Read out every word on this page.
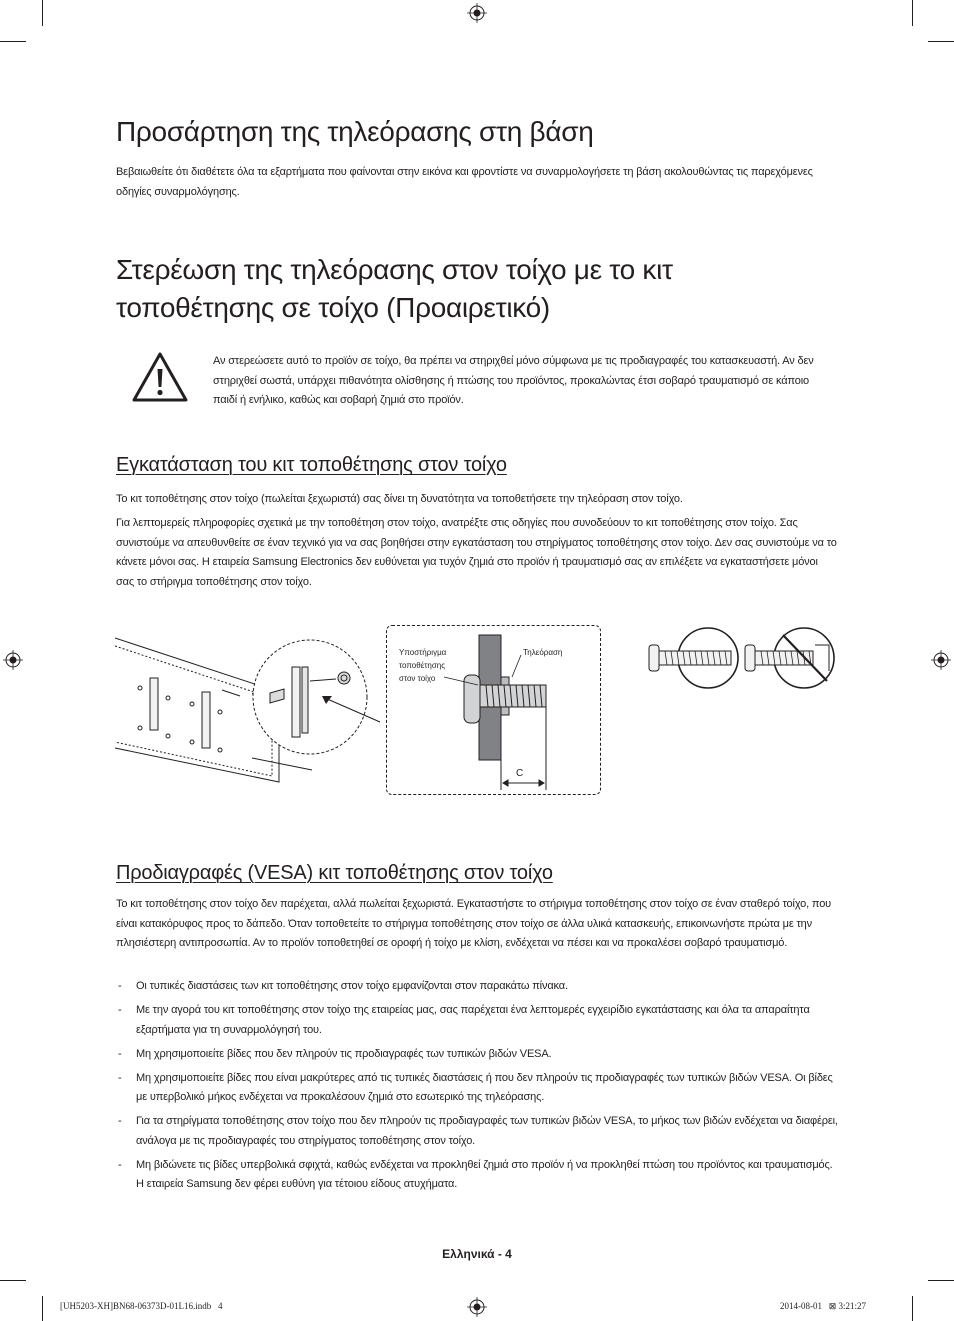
Προσάρτηση της τηλεόρασης στη βάση
Βεβαιωθείτε ότι διαθέτετε όλα τα εξαρτήματα που φαίνονται στην εικόνα και φροντίστε να συναρμολογήσετε τη βάση ακολουθώντας τις παρεχόμενες οδηγίες συναρμολόγησης.
Στερέωση της τηλεόρασης στον τοίχο με το κιτ
τοποθέτησης σε τοίχο (Προαιρετικό)
Αν στερεώσετε αυτό το προϊόν σε τοίχο, θα πρέπει να στηριχθεί μόνο σύμφωνα με τις προδιαγραφές του κατασκευαστή. Αν δεν στηριχθεί σωστά, υπάρχει πιθανότητα ολίσθησης ή πτώσης του προϊόντος, προκαλώντας έτσι σοβαρό τραυματισμό σε κάποιο παιδί ή ενήλικο, καθώς και σοβαρή ζημιά στο προϊόν.
Εγκατάσταση του κιτ τοποθέτησης στον τοίχο
Το κιτ τοποθέτησης στον τοίχο (πωλείται ξεχωριστά) σας δίνει τη δυνατότητα να τοποθετήσετε την τηλεόραση στον τοίχο.
Για λεπτομερείς πληροφορίες σχετικά με την τοποθέτηση στον τοίχο, ανατρέξτε στις οδηγίες που συνοδεύουν το κιτ τοποθέτησης στον τοίχο. Σας συνιστούμε να απευθυνθείτε σε έναν τεχνικό για να σας βοηθήσει στην εγκατάσταση του στηρίγματος τοποθέτησης στον τοίχο. Δεν σας συνιστούμε να το κάνετε μόνοι σας. Η εταιρεία Samsung Electronics δεν ευθύνεται για τυχόν ζημιά στο προϊόν ή τραυματισμό σας αν επιλέξετε να εγκαταστήσετε μόνοι σας το στήριγμα τοποθέτησης στον τοίχο.
Υποστήριγμα
τοποθέτησης
στον τοίχο
Τηλεόραση
C
Προδιαγραφές (VESA) κιτ τοποθέτησης στον τοίχο
Το κιτ τοποθέτησης στον τοίχο δεν παρέχεται, αλλά πωλείται ξεχωριστά. Εγκαταστήστε το στήριγμα τοποθέτησης στον τοίχο σε έναν σταθερό τοίχο, που είναι κατακόρυφος προς το δάπεδο. Όταν τοποθετείτε το στήριγμα τοποθέτησης στον τοίχο σε άλλα υλικά κατασκευής, επικοινωνήστε πρώτα με την πλησιέστερη αντιπροσωπία. Αν το προϊόν τοποθετηθεί σε οροφή ή τοίχο με κλίση, ενδέχεται να πέσει και να προκαλέσει σοβαρό τραυματισμό.
- Οι τυπικές διαστάσεις των κιτ τοποθέτησης στον τοίχο εμφανίζονται στον παρακάτω πίνακα.
- Με την αγορά του κιτ τοποθέτησης στον τοίχο της εταιρείας μας, σας παρέχεται ένα λεπτομερές εγχειρίδιο εγκατάστασης και όλα τα απαραίτητα εξαρτήματα για τη συναρμολόγησή του.
- Μη χρησιμοποιείτε βίδες που δεν πληρούν τις προδιαγραφές των τυπικών βιδών VESA.
- Μη χρησιμοποιείτε βίδες που είναι μακρύτερες από τις τυπικές διαστάσεις ή που δεν πληρούν τις προδιαγραφές των τυπικών βιδών VESA. Οι βίδες με υπερβολικό μήκος ενδέχεται να προκαλέσουν ζημιά στο εσωτερικό της τηλεόρασης.
- Για τα στηρίγματα τοποθέτησης στον τοίχο που δεν πληρούν τις προδιαγραφές των τυπικών βιδών VESA, το μήκος των βιδών ενδέχεται να διαφέρει, ανάλογα με τις προδιαγραφές του στηρίγματος τοποθέτησης στον τοίχο.
- Μη βιδώνετε τις βίδες υπερβολικά σφιχτά, καθώς ενδέχεται να προκληθεί ζημιά στο προϊόν ή να προκληθεί πτώση του προϊόντος και τραυματισμός. Η εταιρεία Samsung δεν φέρει ευθύνη για τέτοιου είδους ατυχήματα.
Ελληνικά - 4
[UH5203-XH]BN68-06373D-01L16.indb   4	2014-08-01   ⊠ 3:21:27
